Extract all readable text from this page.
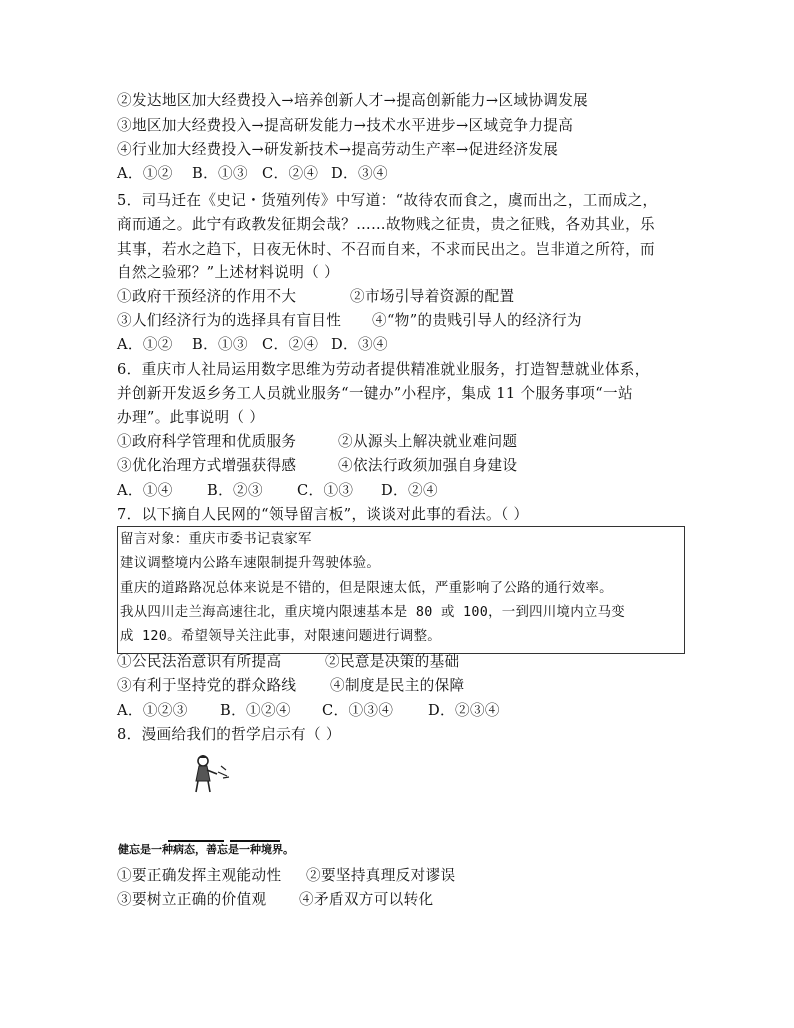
②发达地区加大经费投入→培养创新人才→提高创新能力→区域协调发展
③地区加大经费投入→提高研发能力→技术水平进步→区域竞争力提高
④行业加大经费投入→研发新技术→提高劳动生产率→促进经济发展
A．①②	B．①③ C．②④ D．③④
5．司马迁在《史记・货殖列传》中写道：“故待农而食之，虞而出之，工而成之，
商而通之。此宁有政教发征期会哉？……故物贱之征贵，贵之征贱，各劝其业，乐
其事，若水之趋下，日夜无休时、不召而自来，不求而民出之。岂非道之所符，而
自然之验邪？”上述材料说明（ ）
①政府干预经济的作用不大	②市场引导着资源的配置
③人们经济行为的选择具有盲目性	④“物”的贵贱引导人的经济行为
A．①②	B．①③ C．②④ D．③④
6．重庆市人社局运用数字思维为劳动者提供精准就业服务，打造智慧就业体系，
并创新开发返乡务工人员就业服务“一键办”小程序，集成 11 个服务事项“一站
办理”。此事说明（ ）
①政府科学管理和优质服务	②从源头上解决就业难问题
③优化治理方式增强获得感	④依法行政须加强自身建设
A．①④	B．②③	C．①③	D．②④
7．以下摘自人民网的“领导留言板”，谈谈对此事的看法。（ ）
留言对象：重庆市委书记袁家军
建议调整境内公路车速限制提升驾驶体验。
重庆的道路路况总体来说是不错的，但是限速太低，严重影响了公路的通行效率。
我从四川走兰海高速往北，重庆境内限速基本是 80 或 100，一到四川境内立马变
成 120。希望领导关注此事，对限速问题进行调整。
①公民法治意识有所提高	②民意是决策的基础
③有利于坚持党的群众路线	④制度是民主的保障
A．①②③	B．①②④	C．①③④	D．②③④
8．漫画给我们的哲学启示有（ ）
健忘是一种病态，善忘是一种境界。
①要正确发挥主观能动性	②要坚持真理反对谬误
③要树立正确的价值观	④矛盾双方可以转化
